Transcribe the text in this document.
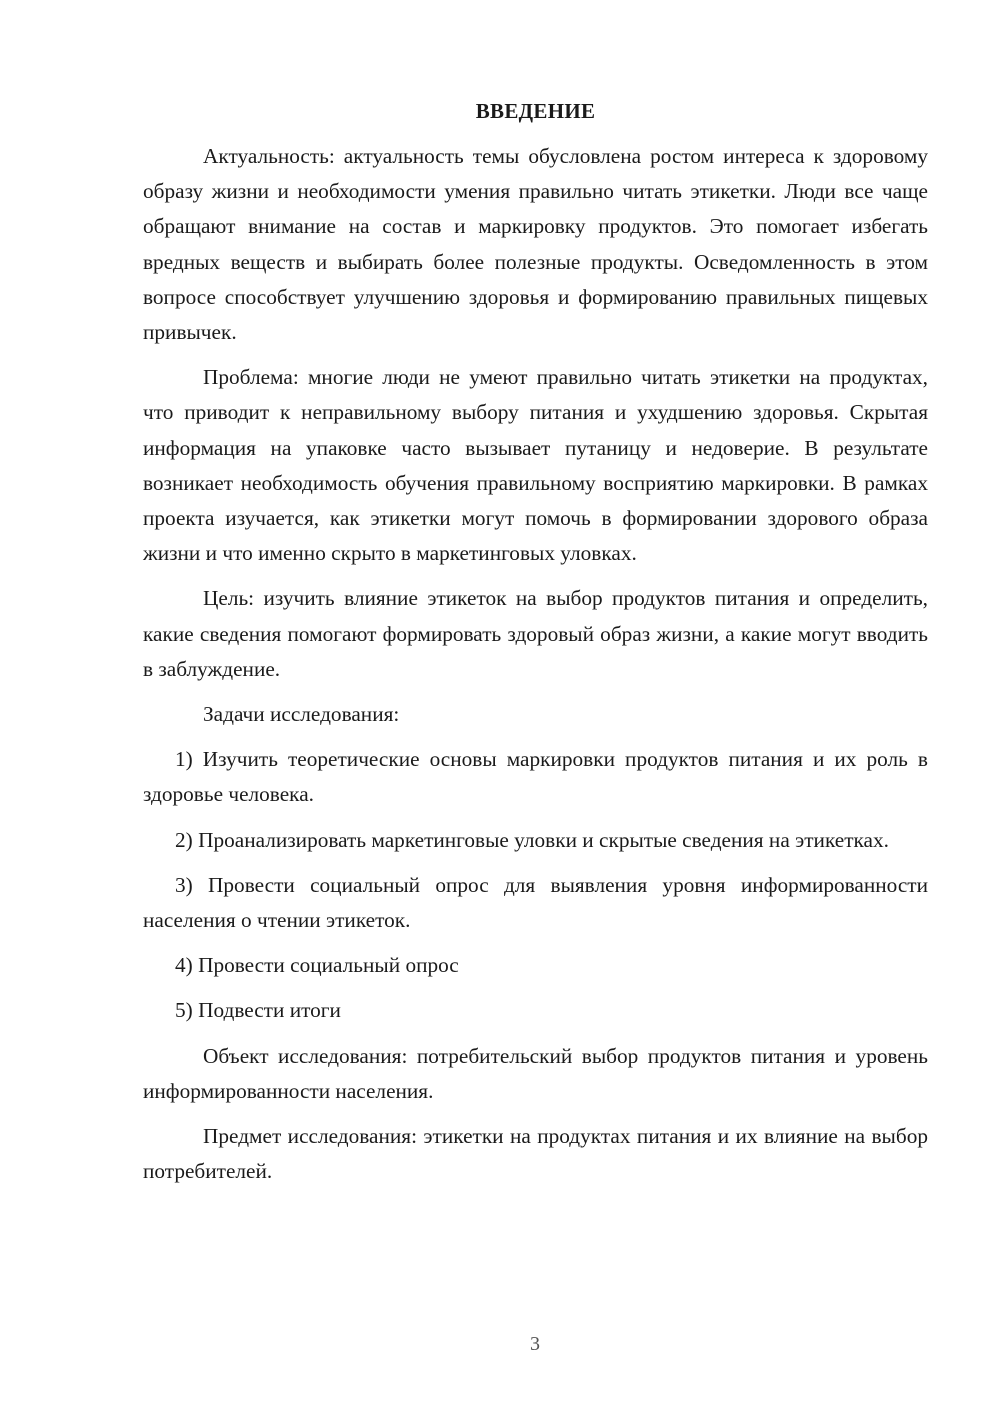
ВВЕДЕНИЕ

Актуальность: актуальность темы обусловлена ростом интереса к здоровому образу жизни и необходимости умения правильно читать этикетки. Люди все чаще обращают внимание на состав и маркировку продуктов. Это помогает избегать вредных веществ и выбирать более полезные продукты. Осведомленность в этом вопросе способствует улучшению здоровья и формированию правильных пищевых привычек.

Проблема: многие люди не умеют правильно читать этикетки на продуктах, что приводит к неправильному выбору питания и ухудшению здоровья. Скрытая информация на упаковке часто вызывает путаницу и недоверие. В результате возникает необходимость обучения правильному восприятию маркировки. В рамках проекта изучается, как этикетки могут помочь в формировании здорового образа жизни и что именно скрыто в маркетинговых уловках.

Цель: изучить влияние этикеток на выбор продуктов питания и определить, какие сведения помогают формировать здоровый образ жизни, а какие могут вводить в заблуждение.

Задачи исследования:

1) Изучить теоретические основы маркировки продуктов питания и их роль в здоровье человека.

2) Проанализировать маркетинговые уловки и скрытые сведения на этикетках.

3) Провести социальный опрос для выявления уровня информированности населения о чтении этикеток.

4) Провести социальный опрос

5) Подвести итоги

Объект исследования: потребительский выбор продуктов питания и уровень информированности населения.

Предмет исследования: этикетки на продуктах питания и их влияние на выбор потребителей.

3
